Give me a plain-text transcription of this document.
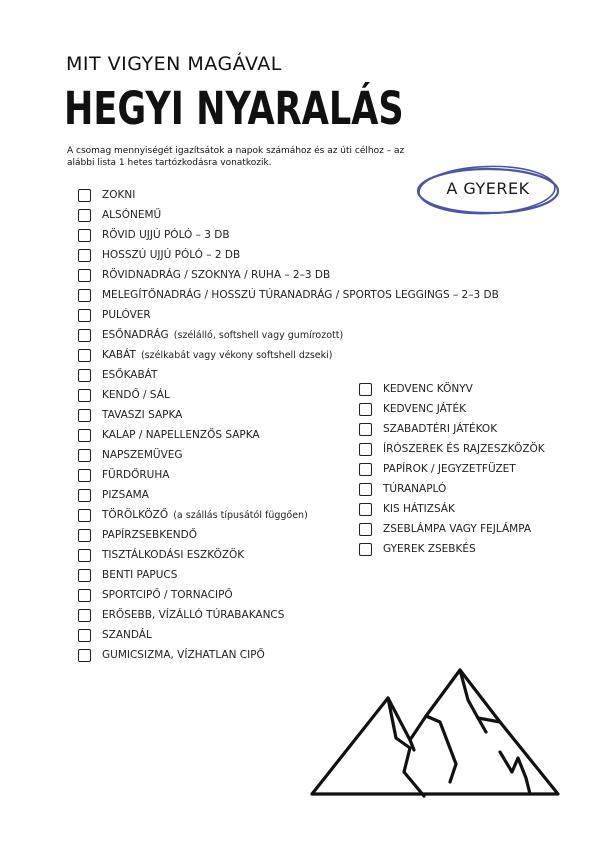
MIT VIGYEN MAGÁVAL
HEGYI NYARALÁS
A csomag mennyiségét igazítsátok a napok számához és az úti célhoz – az alábbi lista 1 hetes tartózkodásra vonatkozik.
A GYEREK
ZOKNI
ALSÓNEMŰ
RÖVID UJJÚ PÓLÓ – 3 DB
HOSSZÚ UJJÚ PÓLÓ – 2 DB
RÖVIDNADRÁG / SZOKNYA / RUHA – 2–3 DB
MELEGÍTŐNADRÁG / HOSSZÚ TÚRANADRÁG / SPORTOS LEGGINGS – 2–3 DB
PULÓVER
ESŐNADRÁG
(szélálló, softshell vagy gumírozott)
KABÁT
(szélkabát vagy vékony softshell dzseki)
ESŐKABÁT
KENDŐ / SÁL
TAVASZI SAPKA
KALAP / NAPELLENZŐS SAPKA
NAPSZEMÜVEG
FÜRDŐRUHA
PIZSAMA
TÖRÖLKÖZŐ
(a szállás típusától függően)
PAPÍRZSEBKENDŐ
TISZTÁLKODÁSI ESZKÖZÖK
BENTI PAPUCS
SPORTCIPŐ / TORNACIPŐ
ERŐSEBB, VÍZÁLLÓ TÚRABAKANCS
SZANDÁL
GUMICSIZMA, VÍZHATLAN CIPŐ
KEDVENC KÖNYV
KEDVENC JÁTÉK
SZABADTÉRI JÁTÉKOK
ÍRÓSZEREK ÉS RAJZESZKÖZÖK
PAPÍROK / JEGYZETFÜZET
TÚRANAPLÓ
KIS HÁTIZSÁK
ZSEBLÁMPA VAGY FEJLÁMPA
GYEREK ZSEBKÉS
